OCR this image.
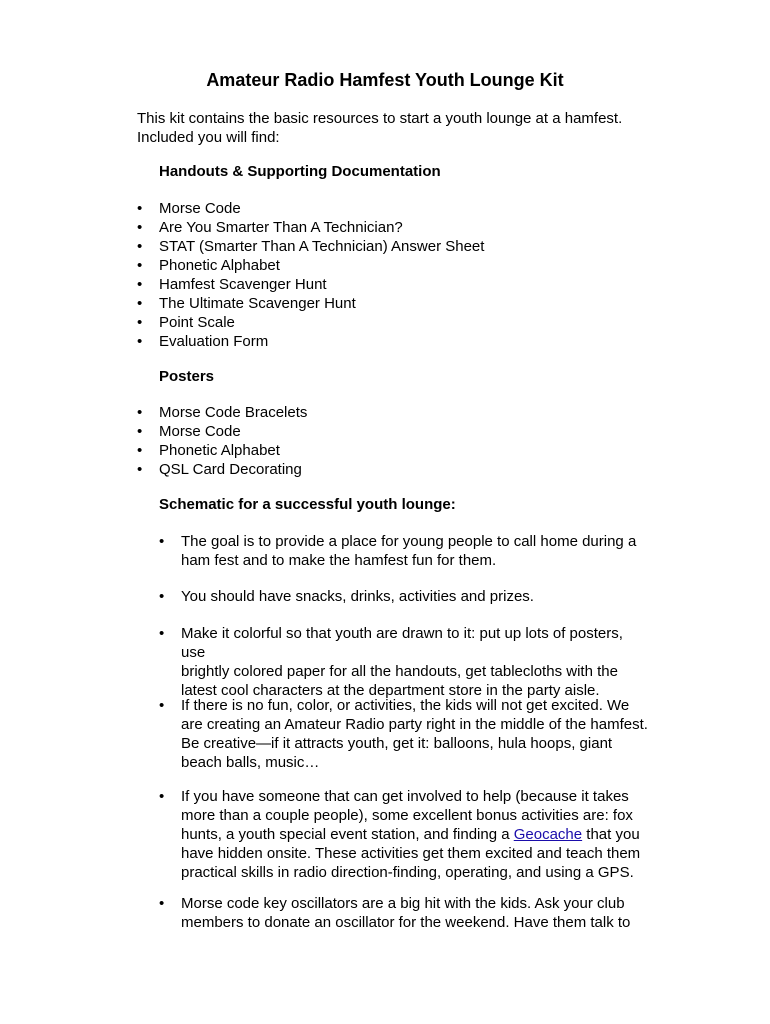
Amateur Radio Hamfest Youth Lounge Kit

This kit contains the basic resources to start a youth lounge at a hamfest.

Included you will find:

Handouts & Supporting Documentation
• Morse Code
• Are You Smarter Than A Technician?
• STAT (Smarter Than A Technician) Answer Sheet
• Phonetic Alphabet
• Hamfest Scavenger Hunt
• The Ultimate Scavenger Hunt
• Point Scale
• Evaluation Form
Posters
• Morse Code Bracelets
• Morse Code
• Phonetic Alphabet
• QSL Card Decorating
Schematic for a successful youth lounge:
• The goal is to provide a place for young people to call home during a
ham fest and to make the hamfest fun for them.
• You should have snacks, drinks, activities and prizes.
• Make it colorful so that youth are drawn to it: put up lots of posters, use
brightly colored paper for all the handouts, get tablecloths with the
latest cool characters at the department store in the party aisle.
• If there is no fun, color, or activities, the kids will not get excited. We
are creating an Amateur Radio party right in the middle of the hamfest.
Be creative—if it attracts youth, get it: balloons, hula hoops, giant
beach balls, music…
• If you have someone that can get involved to help (because it takes
more than a couple people), some excellent bonus activities are: fox
hunts, a youth special event station, and finding a Geocache that you
have hidden onsite. These activities get them excited and teach them
practical skills in radio direction-finding, operating, and using a GPS.
• Morse code key oscillators are a big hit with the kids. Ask your club
members to donate an oscillator for the weekend. Have them talk to
